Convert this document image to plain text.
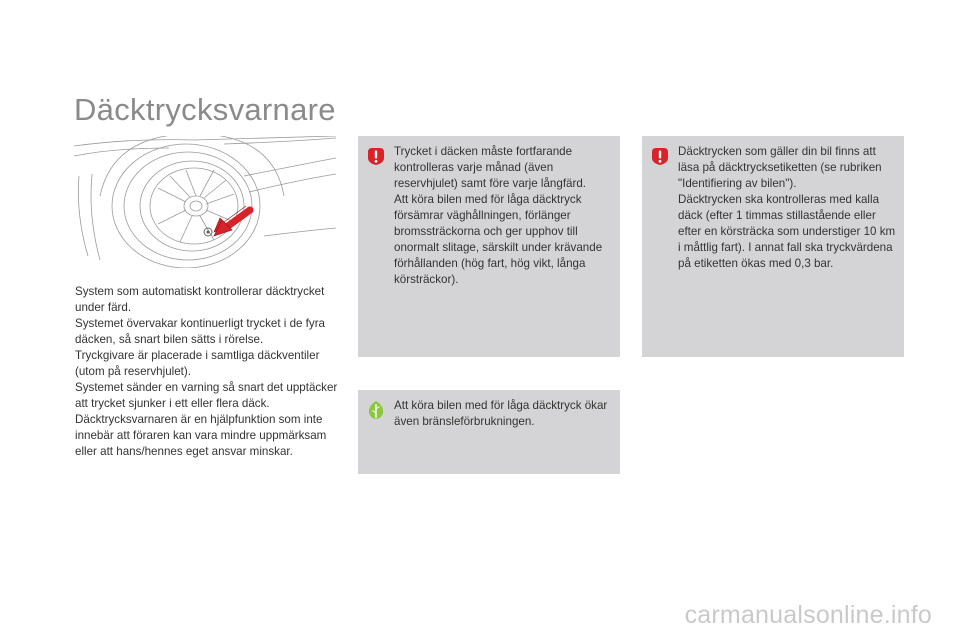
Däcktrycksvarnare

System som automatiskt kontrollerar däcktrycket under färd.

Systemet övervakar kontinuerligt trycket i de fyra däcken, så snart bilen sätts i rörelse.

Tryckgivare är placerade i samtliga däckventiler (utom på reservhjulet).

Systemet sänder en varning så snart det upptäcker att trycket sjunker i ett eller flera däck.

Däcktrycksvarnaren är en hjälpfunktion som inte innebär att föraren kan vara mindre uppmärksam eller att hans/hennes eget ansvar minskar.

Trycket i däcken måste fortfarande kontrolleras varje månad (även reservhjulet) samt före varje långfärd.

Att köra bilen med för låga däcktryck försämrar väghållningen, förlänger bromssträckorna och ger upphov till onormalt slitage, särskilt under krävande förhållanden (hög fart, hög vikt, långa körsträckor).

Däcktrycken som gäller din bil finns att läsa på däcktrycksetiketten (se rubriken "Identifiering av bilen").

Däcktrycken ska kontrolleras med kalla däck (efter 1 timmas stillastående eller efter en körsträcka som understiger 10 km i måttlig fart). I annat fall ska tryckvärdena på etiketten ökas med 0,3 bar.

Att köra bilen med för låga däcktryck ökar även bränsleförbrukningen.

carmanualsonline.info
